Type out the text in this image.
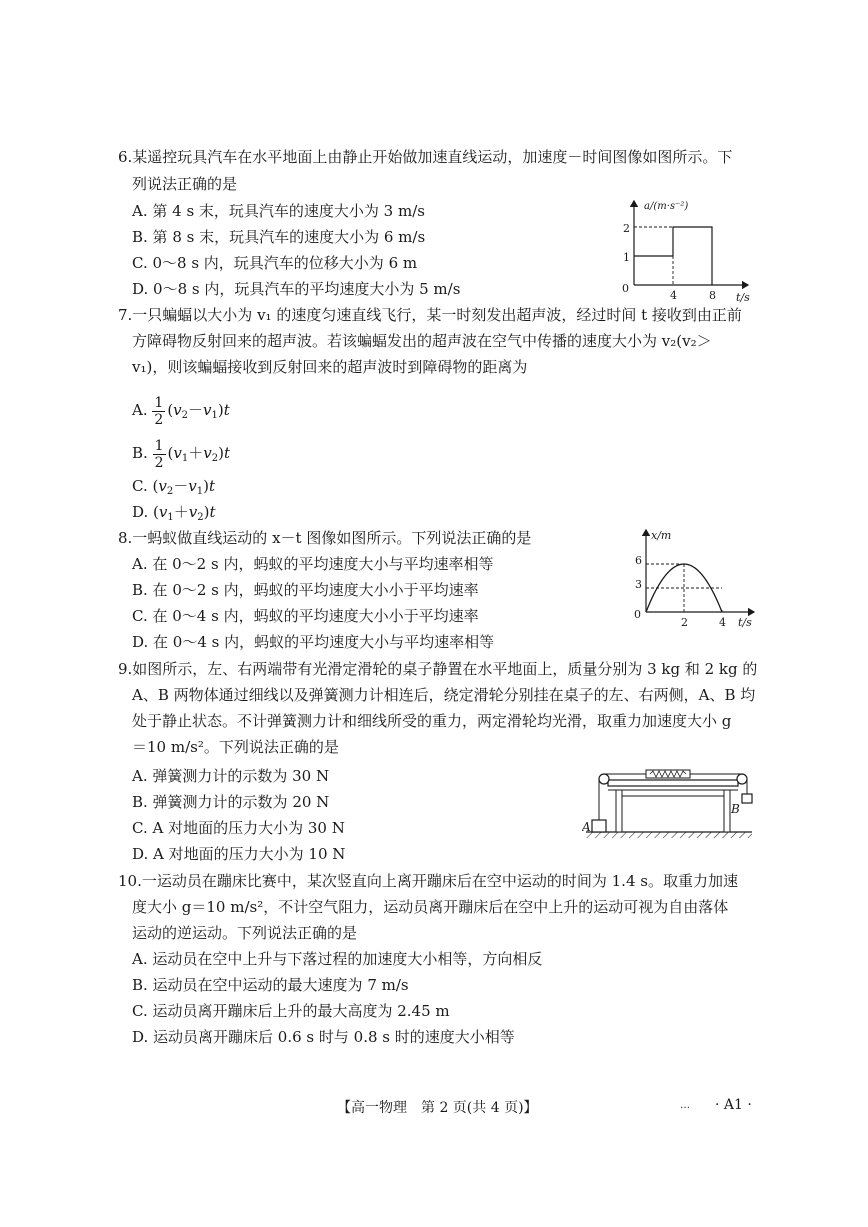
6.某遥控玩具汽车在水平地面上由静止开始做加速直线运动，加速度－时间图像如图所示。下
列说法正确的是
A. 第 4 s 末，玩具汽车的速度大小为 3 m/s
B. 第 8 s 末，玩具汽车的速度大小为 6 m/s
C. 0～8 s 内，玩具汽车的位移大小为 6 m
D. 0～8 s 内，玩具汽车的平均速度大小为 5 m/s
a/(m·s⁻²)
t/s
0
1
2
4	8
7.一只蝙蝠以大小为 v₁ 的速度匀速直线飞行，某一时刻发出超声波，经过时间 t 接收到由正前
方障碍物反射回来的超声波。若该蝙蝠发出的超声波在空气中传播的速度大小为 v₂(v₂＞
v₁)，则该蝙蝠接收到反射回来的超声波时到障碍物的距离为
A. $\frac{1}{2} (v_2-v_1)t$
B. $\frac{1}{2} (v_1+v_2)t$
C. $(v_2-v_1)t$
D. $(v_1+v_2)t$
8.一蚂蚁做直线运动的 x－t 图像如图所示。下列说法正确的是
A. 在 0～2 s 内，蚂蚁的平均速度大小与平均速率相等
B. 在 0～2 s 内，蚂蚁的平均速度大小小于平均速率
C. 在 0～4 s 内，蚂蚁的平均速度大小小于平均速率
D. 在 0～4 s 内，蚂蚁的平均速度大小与平均速率相等
x/m
t/s
0
3
6
2	4
9.如图所示，左、右两端带有光滑定滑轮的桌子静置在水平地面上，质量分别为 3 kg 和 2 kg 的
A、B 两物体通过细线以及弹簧测力计相连后，绕定滑轮分别挂在桌子的左、右两侧，A、B 均
处于静止状态。不计弹簧测力计和细线所受的重力，两定滑轮均光滑，取重力加速度大小 g
＝10 m/s²。下列说法正确的是
A. 弹簧测力计的示数为 30 N
B. 弹簧测力计的示数为 20 N
C. A 对地面的压力大小为 30 N
D. A 对地面的压力大小为 10 N
A
B
10.一运动员在蹦床比赛中，某次竖直向上离开蹦床后在空中运动的时间为 1.4 s。取重力加速
度大小 g＝10 m/s²，不计空气阻力，运动员离开蹦床后在空中上升的运动可视为自由落体
运动的逆运动。下列说法正确的是
A. 运动员在空中上升与下落过程的加速度大小相等，方向相反
B. 运动员在空中运动的最大速度为 7 m/s
C. 运动员离开蹦床后上升的最大高度为 2.45 m
D. 运动员离开蹦床后 0.6 s 时与 0.8 s 时的速度大小相等
【高一物理　第 2 页(共 4 页)】	… · A1 ·
